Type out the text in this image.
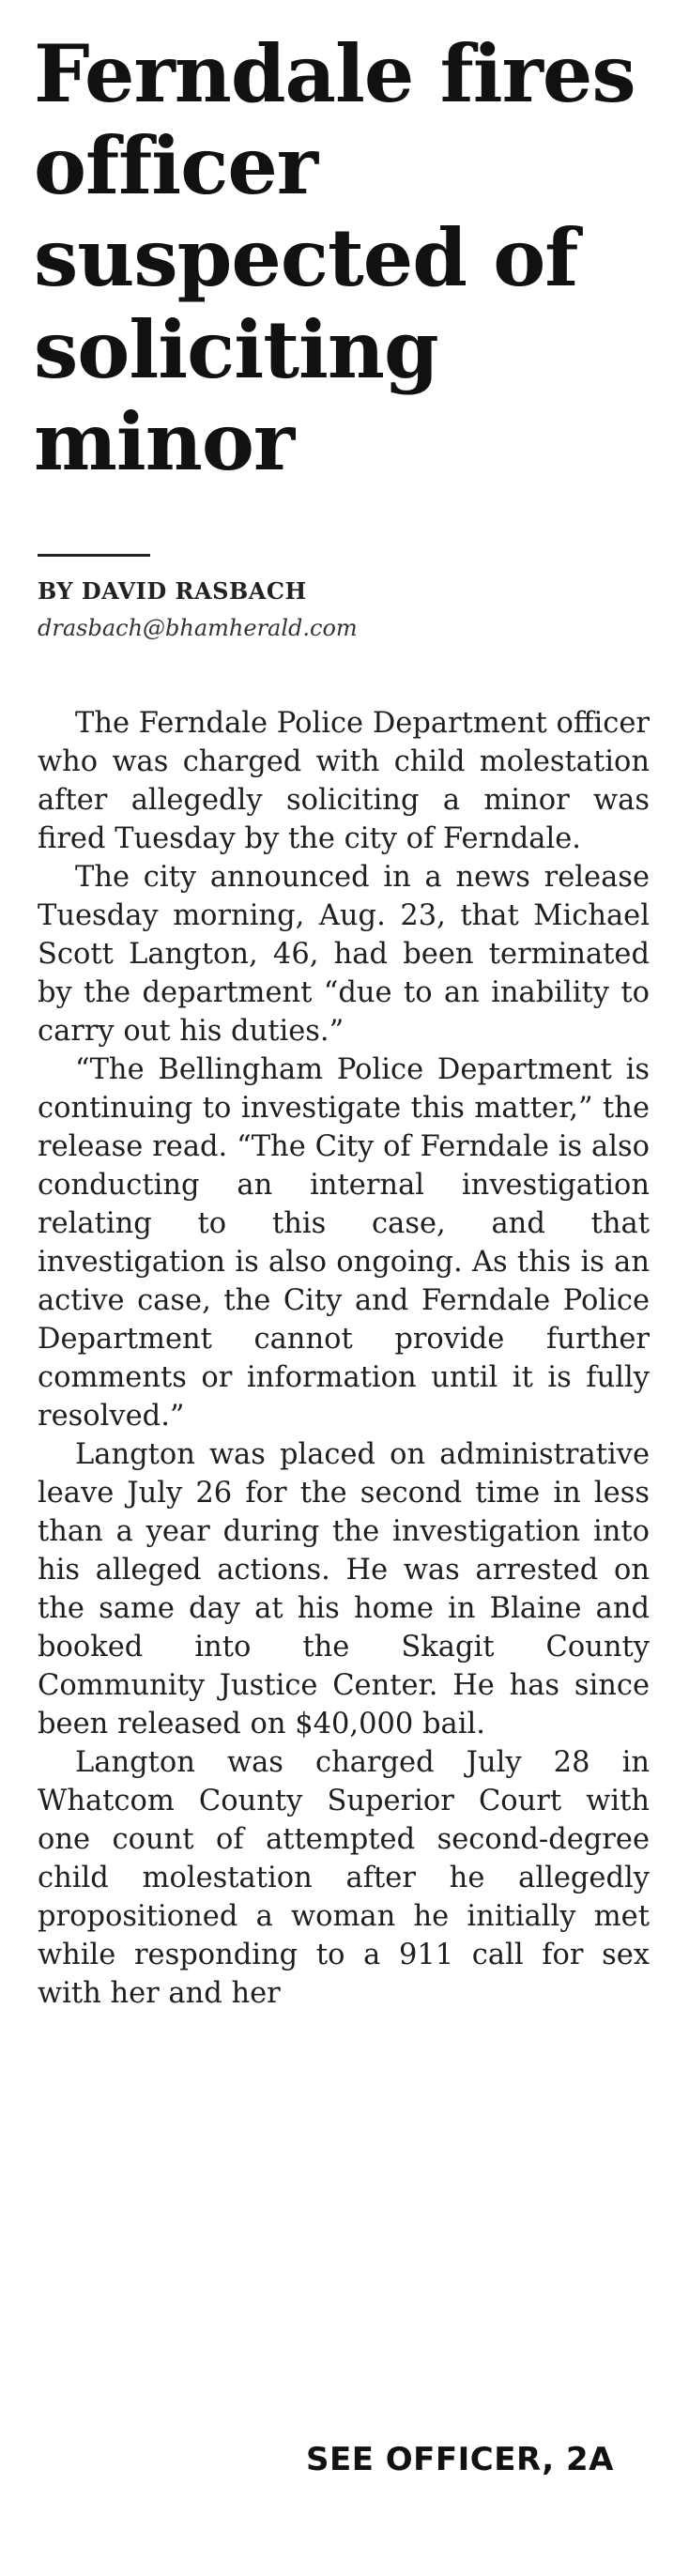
Ferndale fires officer suspected of soliciting minor
BY DAVID RASBACH
drasbach@bhamherald.com

The Ferndale Police Department officer who was charged with child molestation after allegedly soliciting a minor was fired Tuesday by the city of Ferndale.

The city announced in a news release Tuesday morning, Aug. 23, that Michael Scott Langton, 46, had been terminated by the department “due to an inability to carry out his duties.”

“The Bellingham Police Department is continuing to investigate this matter,” the release read. “The City of Ferndale is also conducting an internal investigation relating to this case, and that investigation is also ongoing. As this is an active case, the City and Ferndale Police Department cannot provide further comments or information until it is fully resolved.”

Langton was placed on administrative leave July 26 for the second time in less than a year during the investigation into his alleged actions. He was arrested on the same day at his home in Blaine and booked into the Skagit County Community Justice Center. He has since been released on $40,000 bail.

Langton was charged July 28 in Whatcom County Superior Court with one count of attempted second-degree child molestation after he allegedly propositioned a woman he initially met while responding to a 911 call for sex with her and her

SEE OFFICER, 2A
